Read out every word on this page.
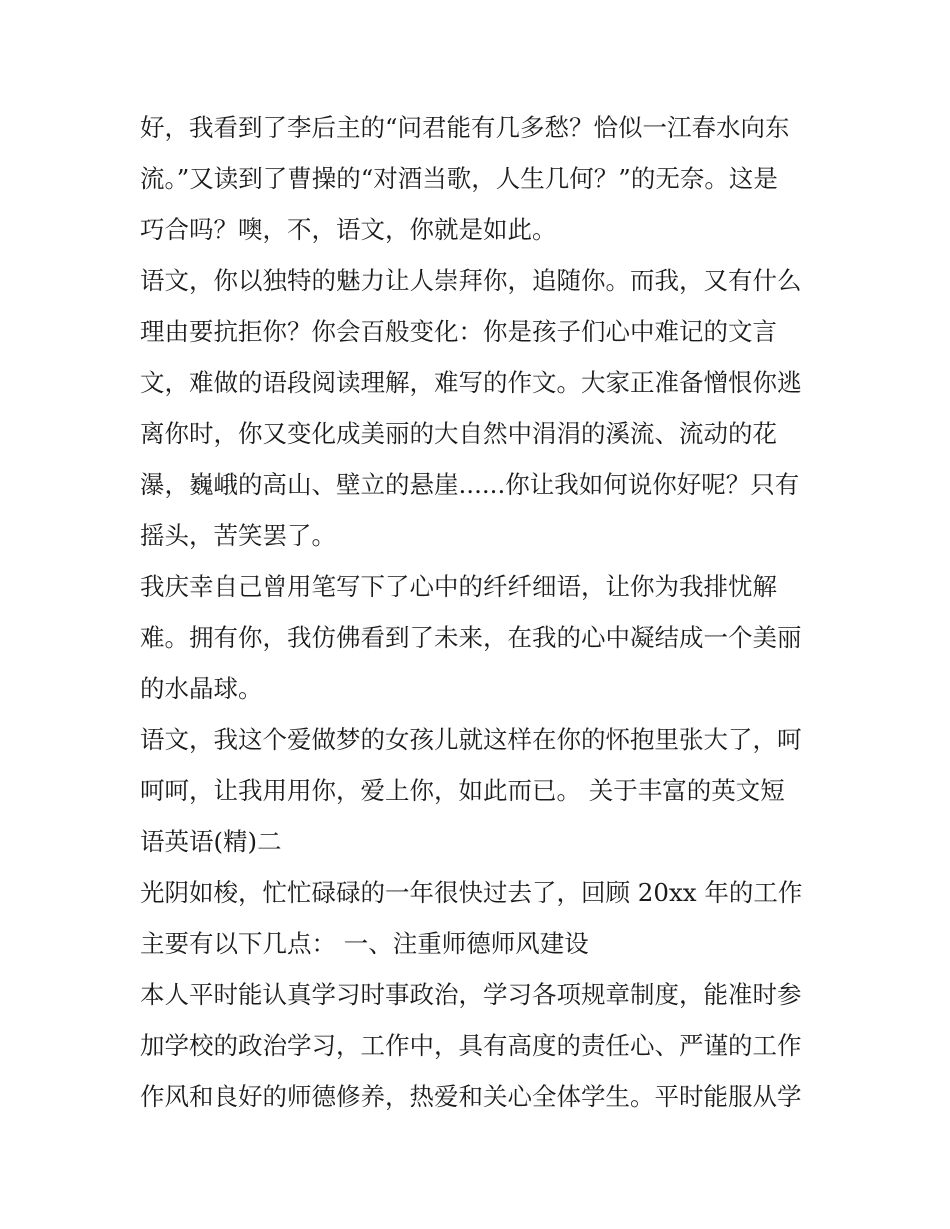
好，我看到了李后主的“问君能有几多愁？恰似一江春水向东
流。”又读到了曹操的“对酒当歌，人生几何？”的无奈。这是
巧合吗？噢，不，语文，你就是如此。
语文，你以独特的魅力让人崇拜你，追随你。而我，又有什么
理由要抗拒你？你会百般变化：你是孩子们心中难记的文言
文，难做的语段阅读理解，难写的作文。大家正准备憎恨你逃
离你时，你又变化成美丽的大自然中涓涓的溪流、流动的花
瀑，巍峨的高山、壁立的悬崖......你让我如何说你好呢？只有
摇头，苦笑罢了。
我庆幸自己曾用笔写下了心中的纤纤细语，让你为我排忧解
难。拥有你，我仿佛看到了未来，在我的心中凝结成一个美丽
的水晶球。
语文，我这个爱做梦的女孩儿就这样在你的怀抱里张大了，呵
呵呵，让我用用你，爱上你，如此而已。 关于丰富的英文短
语英语(精)二
光阴如梭，忙忙碌碌的一年很快过去了，回顾 20xx 年的工作
主要有以下几点： 一、注重师德师风建设
本人平时能认真学习时事政治，学习各项规章制度，能准时参
加学校的政治学习，工作中，具有高度的责任心、严谨的工作
作风和良好的师德修养，热爱和关心全体学生。平时能服从学
